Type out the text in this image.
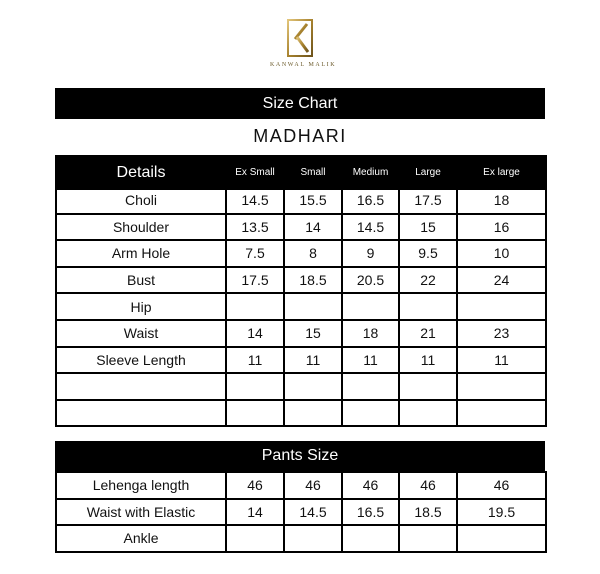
KANWAL MALIK
Size Chart
MADHARI
Details	Ex Small	Small	Medium	Large	Ex large
Choli	14.5	15.5	16.5	17.5	18
Shoulder	13.5	14	14.5	15	16
Arm Hole	7.5	8	9	9.5	10
Bust	17.5	18.5	20.5	22	24
Hip					
Waist	14	15	18	21	23
Sleeve Length	11	11	11	11	11

Pants Size
Lehenga length	46	46	46	46	46
Waist with Elastic	14	14.5	16.5	18.5	19.5
Ankle					
